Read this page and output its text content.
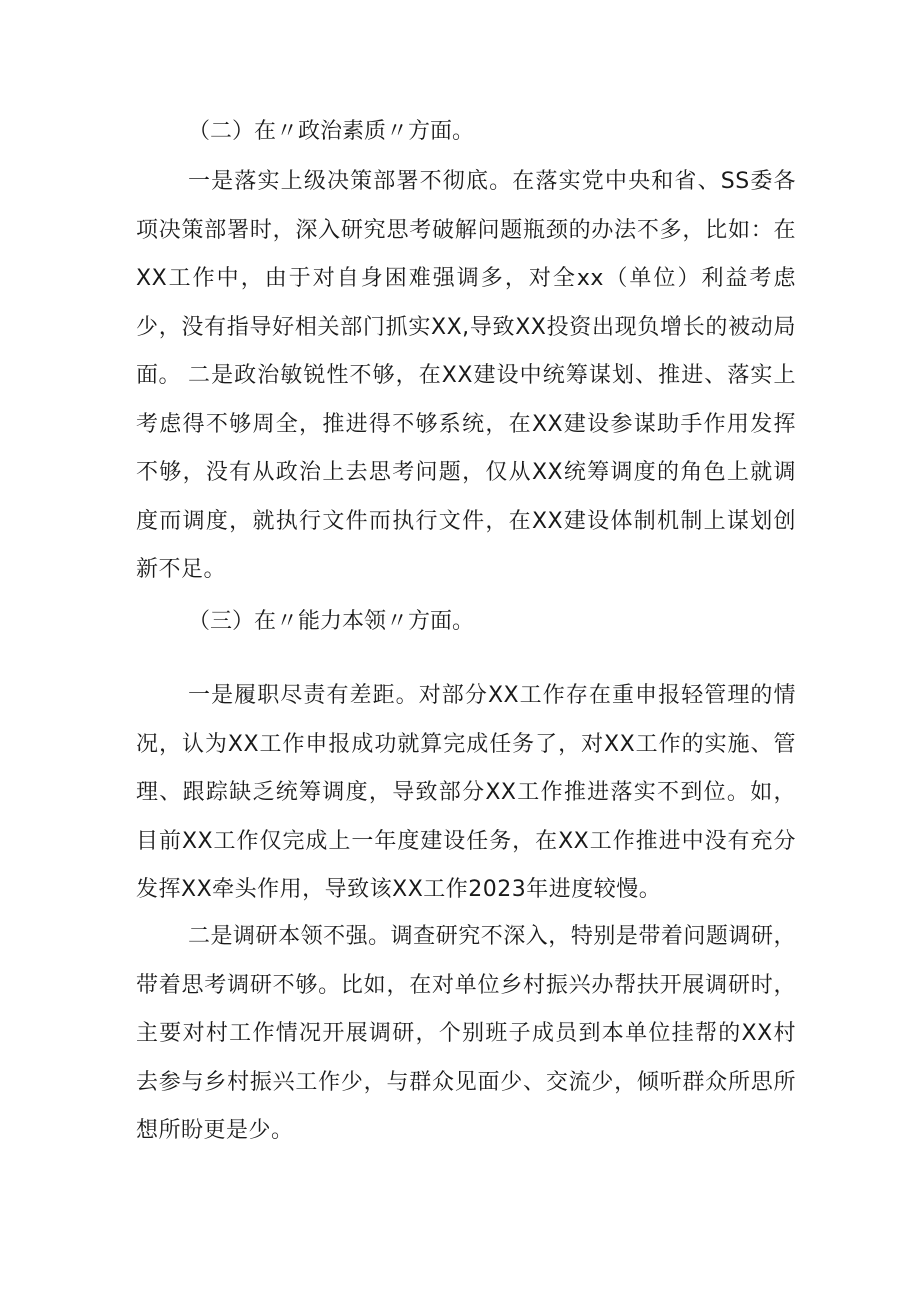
（二）在〃政治素质〃方面。
一是落实上级决策部署不彻底。在落实党中央和省、SS委各项决策部署时，深入研究思考破解问题瓶颈的办法不多，比如：在XX工作中，由于对自身困难强调多，对全xx（单位）利益考虑少，没有指导好相关部门抓实XX,导致XX投资出现负增长的被动局面。 二是政治敏锐性不够，在XX建设中统筹谋划、推进、落实上考虑得不够周全，推进得不够系统，在XX建设参谋助手作用发挥不够，没有从政治上去思考问题，仅从XX统筹调度的角色上就调度而调度，就执行文件而执行文件，在XX建设体制机制上谋划创新不足。
（三）在〃能力本领〃方面。
一是履职尽责有差距。对部分XX工作存在重申报轻管理的情况，认为XX工作申报成功就算完成任务了，对XX工作的实施、管理、跟踪缺乏统筹调度，导致部分XX工作推进落实不到位。如，目前XX工作仅完成上一年度建设任务，在XX工作推进中没有充分发挥XX牵头作用，导致该XX工作2023年进度较慢。
二是调研本领不强。调查研究不深入，特别是带着问题调研，带着思考调研不够。比如，在对单位乡村振兴办帮扶开展调研时，主要对村工作情况开展调研，个别班子成员到本单位挂帮的XX村去参与乡村振兴工作少，与群众见面少、交流少，倾听群众所思所想所盼更是少。
